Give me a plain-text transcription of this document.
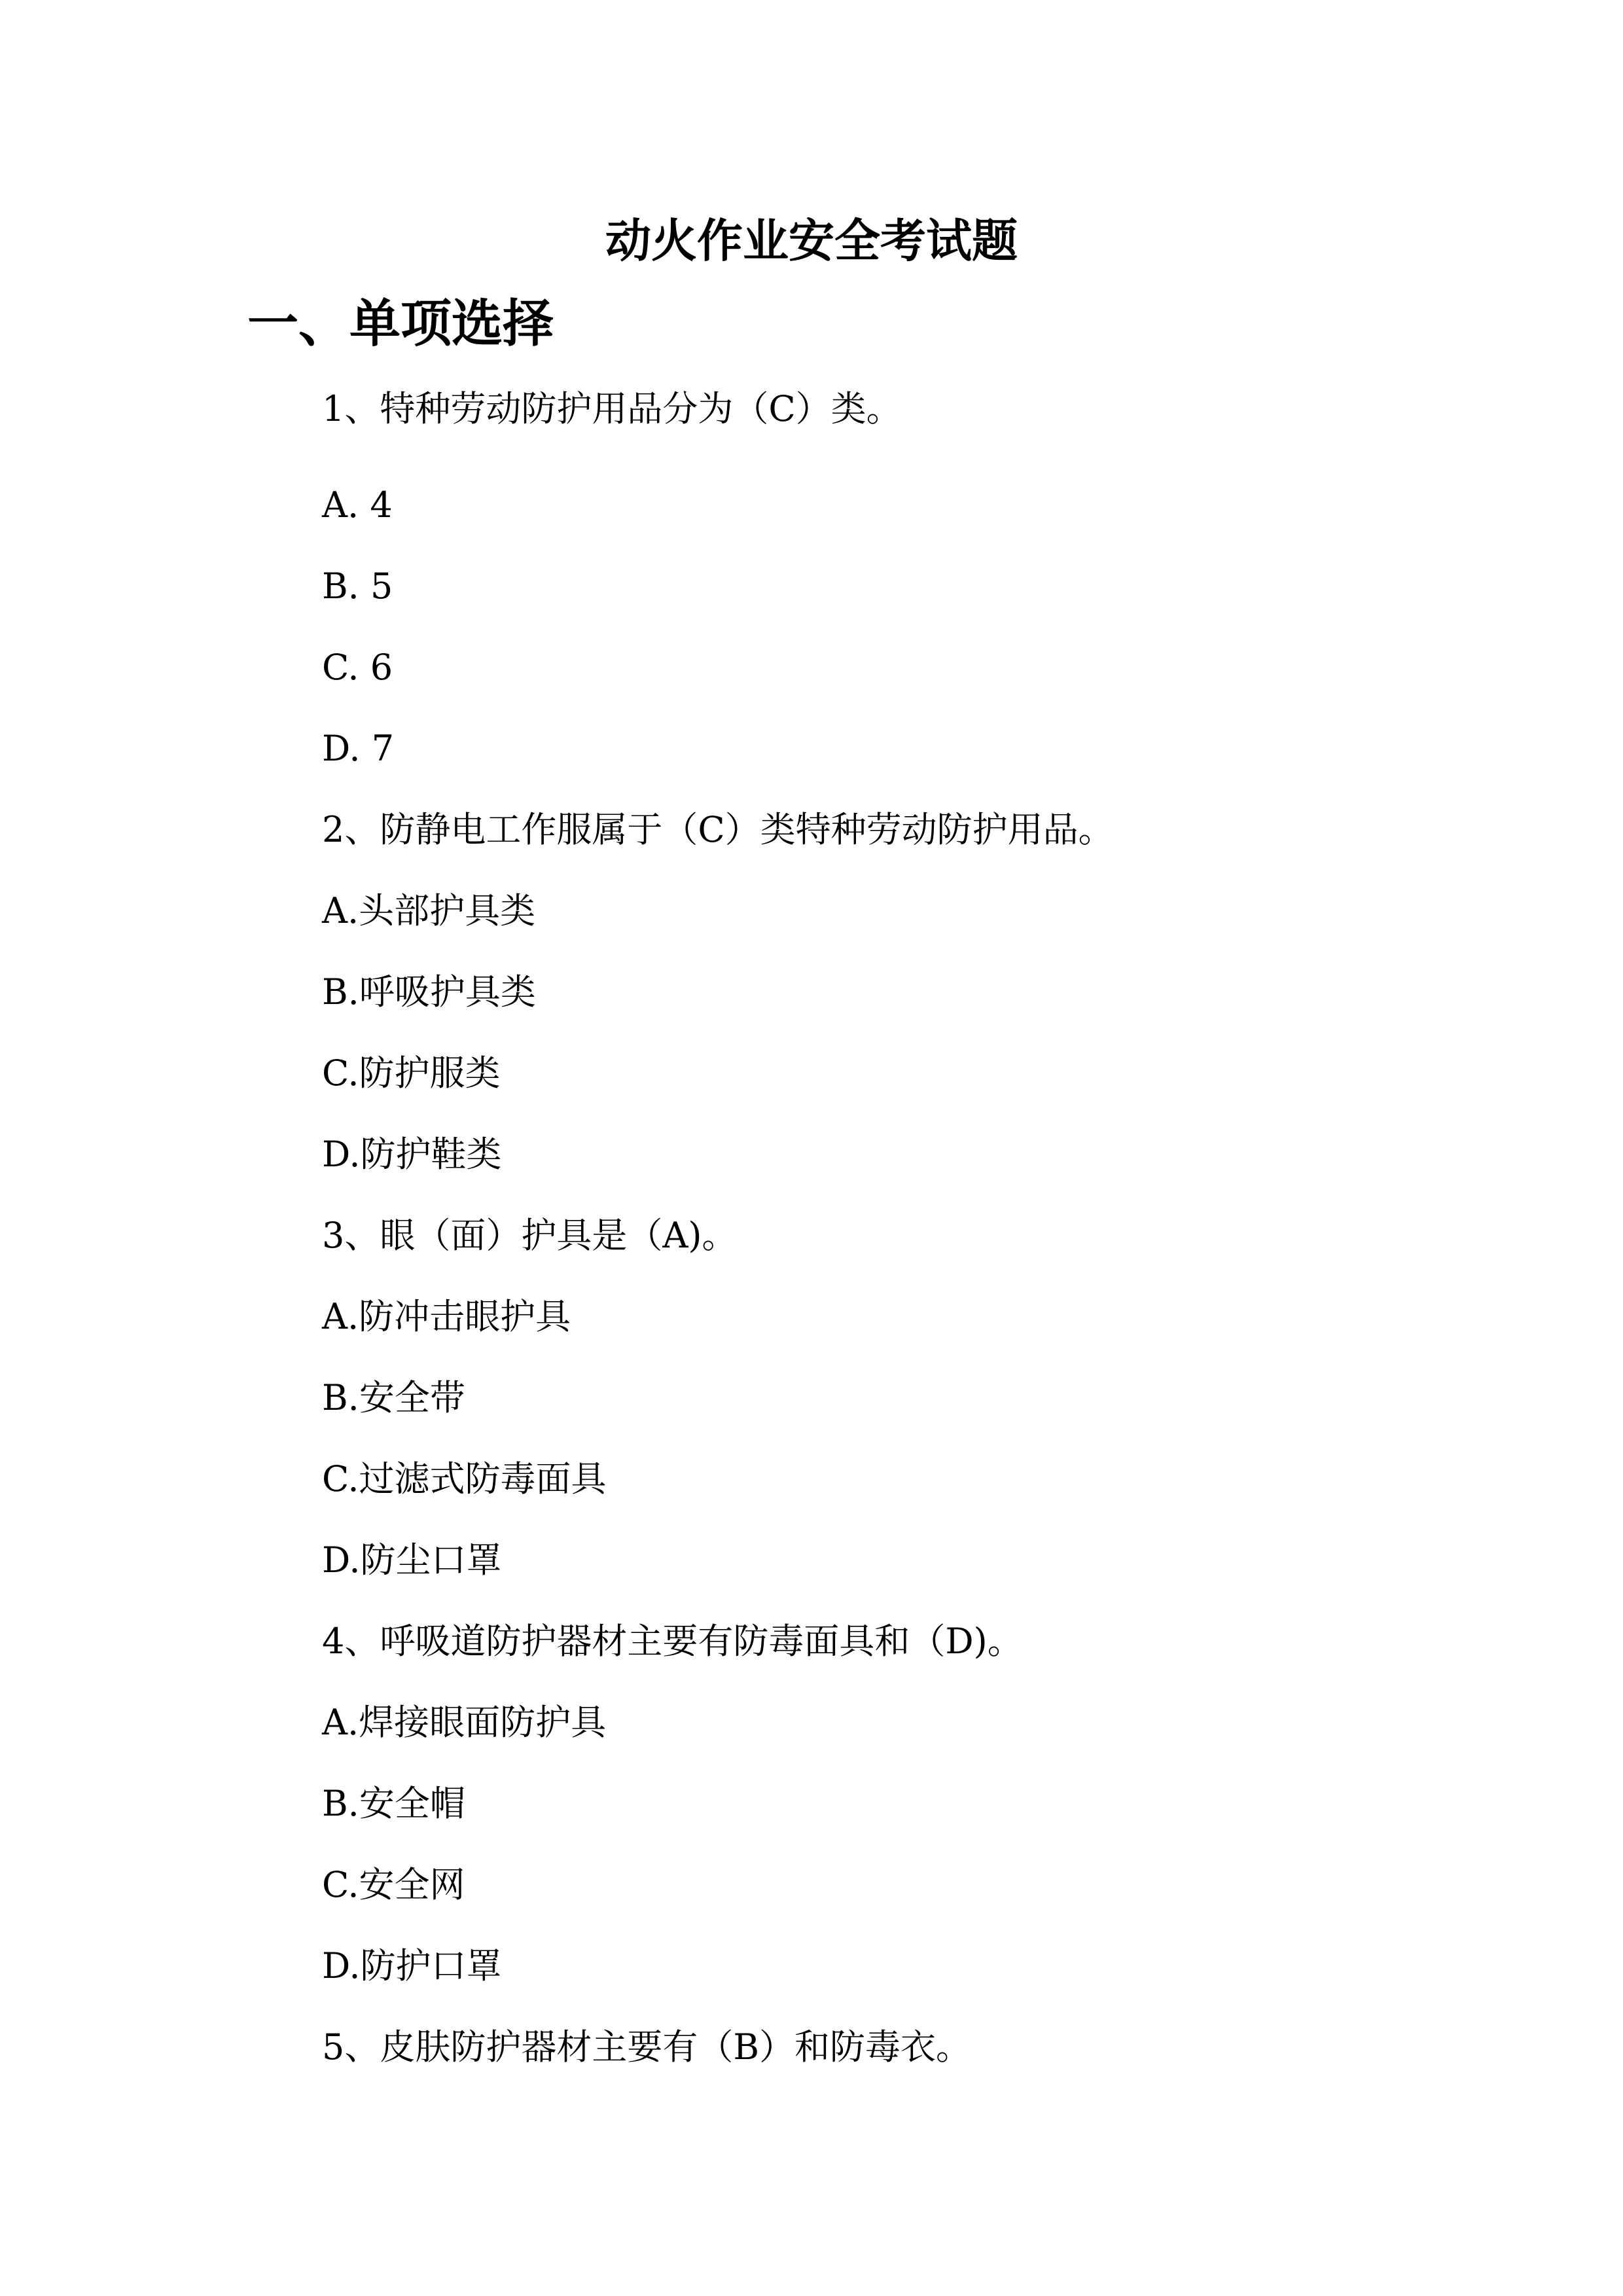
动火作业安全考试题
一、单项选择
1、特种劳动防护用品分为（C）类。
A. 4
B. 5
C. 6
D. 7
2、防静电工作服属于（C）类特种劳动防护用品。
A.头部护具类
B.呼吸护具类
C.防护服类
D.防护鞋类
3、眼（面）护具是（A)。
A.防冲击眼护具
B.安全带
C.过滤式防毒面具
D.防尘口罩
4、呼吸道防护器材主要有防毒面具和（D)。
A.焊接眼面防护具
B.安全帽
C.安全网
D.防护口罩
5、皮肤防护器材主要有（B）和防毒衣。
